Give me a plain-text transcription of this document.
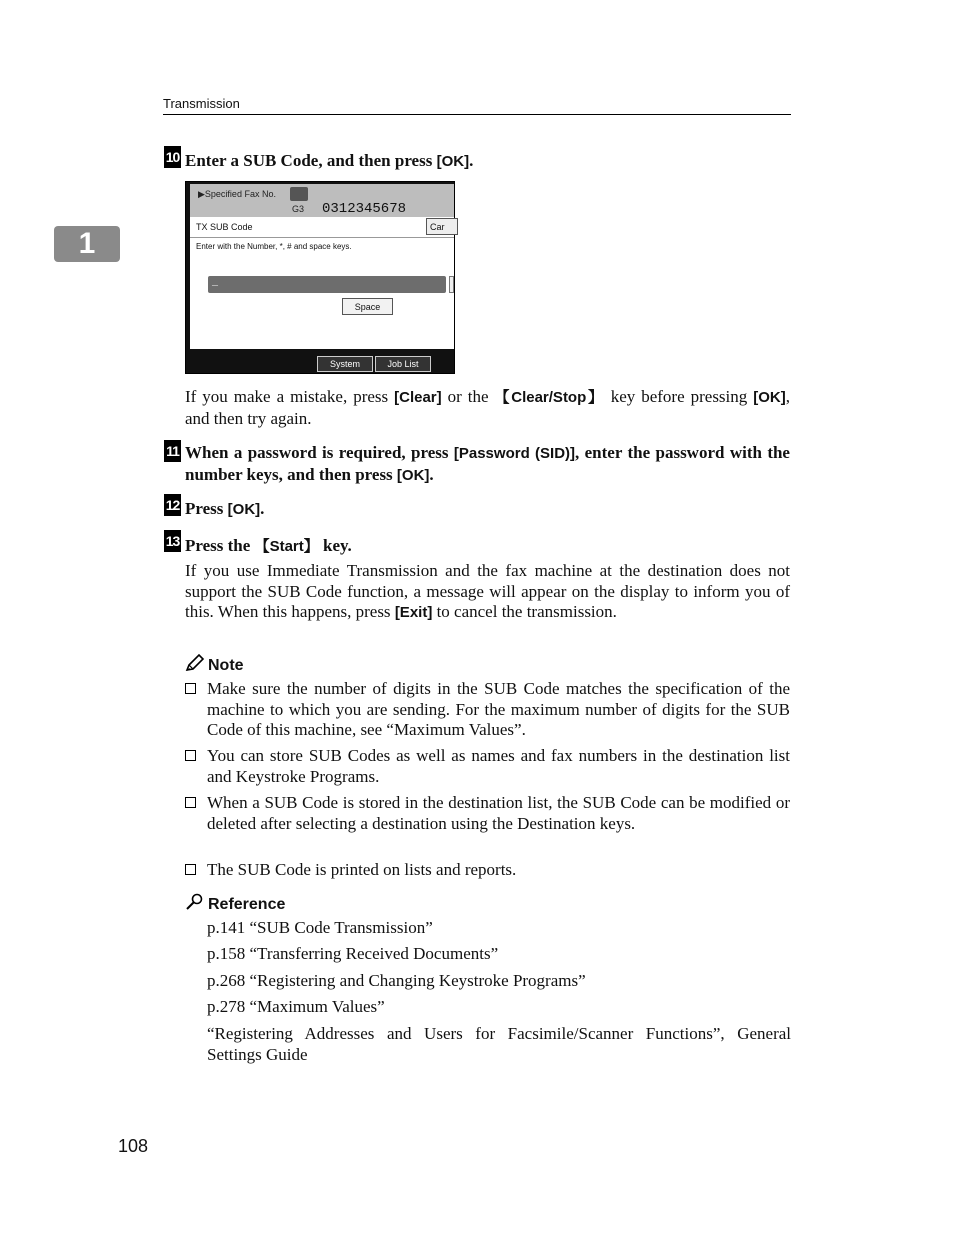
Transmission
1
10 Enter a SUB Code, and then press [OK].
▶Specified Fax No.
G3 0312345678
TX SUB Code	Car
Enter with the Number, *, # and space keys.
_
Space
System Status
Job List
If you make a mistake, press [Clear] or the 【Clear/Stop】 key before pressing [OK], and then try again.
11 When a password is required, press [Password (SID)], enter the password with the number keys, and then press [OK].
12 Press [OK].
13 Press the 【Start】 key.
If you use Immediate Transmission and the fax machine at the destination does not support the SUB Code function, a message will appear on the display to inform you of this. When this happens, press [Exit] to cancel the transmission.
Note
Make sure the number of digits in the SUB Code matches the specification of the machine to which you are sending. For the maximum number of digits for the SUB Code of this machine, see “Maximum Values”.
You can store SUB Codes as well as names and fax numbers in the destination list and Keystroke Programs.
When a SUB Code is stored in the destination list, the SUB Code can be modified or deleted after selecting a destination using the Destination keys.
The SUB Code is printed on lists and reports.
Reference
p.141 “SUB Code Transmission”
p.158 “Transferring Received Documents”
p.268 “Registering and Changing Keystroke Programs”
p.278 “Maximum Values”
“Registering Addresses and Users for Facsimile/Scanner Functions”, General Settings Guide
108
